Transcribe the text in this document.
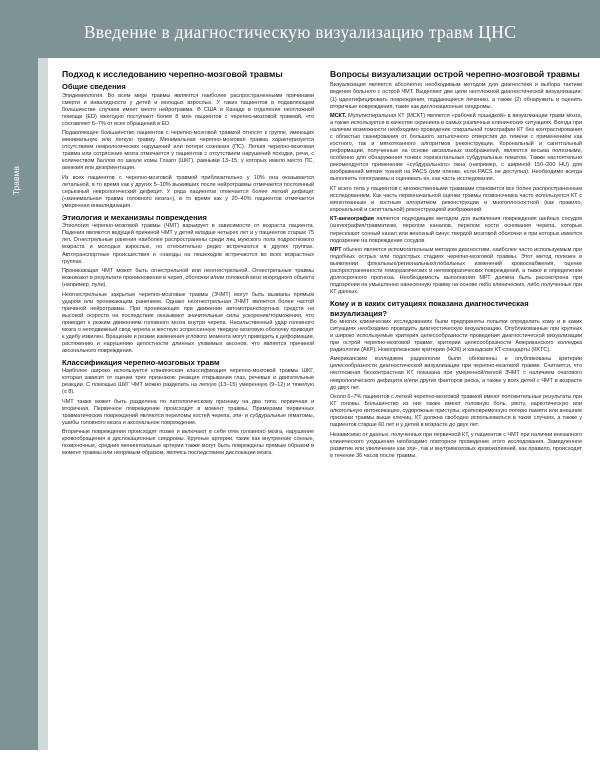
Введение в диагностическую визуализацию травм ЦНС
Травма
134
Подход к исследованию черепно-мозговой травмы
Общие сведения

Эпидемиология. Во всем мире травмы являются наиболее распространенными причинами смерти и инвалидности у детей и молодых взрослых. У таких пациентов в подавляющем большинстве случаев имеет место нейротравма. В США и Канаде в отделения неотложной помощи (ED) ежегодно поступают более 8 млн пациентов с черепно-мозговой травмой, что составляет 6–7% от всех обращений в ED.

Подавляющее большинство пациентов с черепно-мозговой травмой относят к группе, имеющих минимальную или легкую травму. Минимальная черепно-мозговая травма характеризуется отсутствием неврологических нарушений или потери сознания (ПС). Легкая черепно-мозговая травма или сотрясение мозга отмечается у пациентов с отсутствием нарушений походки, речи, с количеством баллов по шкале комы Глазго (ШКГ), равными 13–15, у которых имело место ПС, амнезия или дезориентация.

Из всех пациентов с черепно-мозговой травмой приблизительно у 10% она оказывается летальной, в то время как у других 5–10% выживших после нейротравмы отмечается постоянный серьезный неврологический дефицит. У ряда пациентов отмечается более легкий дефицит («минимальная травма головного мозга»), в то время как у 20–40% пациентов отмечается умеренная инвалидизация.

Этиология и механизмы повреждения

Этиология черепно-мозговой травмы (ЧМТ) варьирует в зависимости от возраста пациента. Падения являются ведущей причиной ЧМТ у детей младше четырех лет и у пациентов старше 75 лет. Огнестрельные ранения наиболее распространены среди лиц мужского пола подросткового возраста и молодых взрослых, но относительно редко встречаются в других группах. Автотранспортные происшествия и «наезды на пешеходов встречаются во всех возрастных группах.

Проникающая ЧМТ может быть огнестрельной или неогнестрельной. Огнестрельные травмы возникают в результате проникновения в череп, оболочки и/или головной мозг инородного объекта (например, пули).

Неогнестрельные закрытые черепно-мозговые травмы (ЗЧМТ) могут быть вызваны прямым ударом или проникающим ранением. Однако неогнестрельная ЗЧМТ является более частой причиной нейротравмы. При проникающих при движении автомотранспортных средств на высокой скорости на последствие оказывают значительные силы ускорения/торможения, что приводит к резким движениям головного мозга внутри черепа. Насильственный удар головного мозга о неподвижный свод черепа и жесткую эспрессинную твердую мозговую оболочку приводит к удибу извилин. Вращение и резкие изменения углового момента могут приводить к деформации, растяжению и нарушению целостности длинных уязвимых аксонов, что является причиной аксонального повреждения.

Классификация черепно-мозговых травм

Наиболее широко используется клиническая классификация черепно-мозговой травмы ШКГ, которая зависит от оценки трех признаков: реакция открывания глаз, речевые и двигательные реакции. С помощью ШКГ ЧМТ можно разделить на легкую (13–15) умеренную (9–12) и тяжелую (≤ 8).

ЧМТ также может быть разделена по патологическому признаку на два типа: первичная и вторичная. Первичное повреждение происходит в момент травмы. Примерами первичных травматических повреждений являются переломы костей черепа, эпи- и субдуральные гематомы, ушибы головного мозга и аксональное повреждение.

Вторичные повреждения происходят позже и включают в себя отек головного мозга, нарушение кровообращения и дислокационные синдромы. Крупные артерии, такие как внутренние сонные, позвоночные, средние менингеальные артерии также могут быть повреждены прямым образом в момент травмы или непрямым образом, являясь последствием дислокации мозга.

Вопросы визуализации острой черепно-мозговой травмы

Визуализация является абсолютно необходимым методом для диагностики и выбора тактики ведения больного с острой ЧМТ. Выделяют две цели неотложной диагностической визуализации: (1) идентифицировать повреждения, поддающиеся лечению, а также (2) обнаружить и оценить вторичные повреждения, такие как дислокационные синдромы.

МСКТ. Мультиспиральная КТ (МСКТ) является «рабочей лошадкой» в визуализации травм мозга, а также используется в качестве скрининга в самых различных клинических ситуациях. Всегда при наличии возможности необходимо проведение спиральной томографии КТ без контрастирования с областью сканирования от большого затылочного отверстия до темени с применением как костного, так и мягкотканного алгоритмов реконструкции. Корональный и сагиттальный реформации, полученные на основе аксиальных изображений, являются весьма полезными, особенно для обнаружения тонких горизонтальных субдуральных гематом. Также настоятельно рекомендуется применение «субдурального» окна (например, с шириной 150–200 HU) для изображений мягких тканей на PACS (или пленке, если PACS не доступна). Необходимо всегда выполнять топограммы и оценивать их, как часть исследования.

КТ всего тела у пациентов с множественными травмами становится все более распространенным исследованием. Как часть первоначальной оценки травмы позвоночника часто используется КТ с мягкотканным и костным алгоритмом реконструкции и многоплоскостной (как правило, корональной и сагиттальной) реконструкцией изображений.

КТ-ангиография является подходящим методом для выявления повреждения шейных сосудов (ангиография/травматизм, перелом каналов, перелом кости основания черепа, которые пересекают сонный канал или венозный синус твердой мозговой оболочки и при которых имеется подозрение на повреждение сосудов.

МРТ обычно является вспомогательным методом диагностики, наиболее часто используемым при подобных острых или подострых стадиях черепно-мозговой травмы. Этот метод полезен в выявлении фокальных/региональных/глобальных изменений кровоснабжения, оценке распространенности геморрагических и негеморрагических повреждений, а также в определении долгосрочного прогноза. Необходимость выполнения МРТ должна быть рассмотрена при подозрении на умышленно нанесенную травму на основе либо клинических, либо полученных при КТ данных.

Кому и в каких ситуациях показана диагностическая визуализация?

Во многих клинических исследованиях были предприняты попытки определить кому и в каких ситуациях необходимо проводить диагностическую визуализацию. Опубликованные при крупных и широко используемые критерия целесообразности проведения диагностической визуализации при острой черепно-мозговой травме: критерии целесообразности Американского колледжа радиологии (АКР), Новоорлеанские критерии (НОК) и канадские КТ-стандарты (КKTC).

Американским колледжем радиологии были обновлены и опубликованы критерии целесообразности диагностической визуализации при черепно-мозговой травме. Считается, что неотложная бесконтрастная КТ показана при умеренной/легкой ЗЧМТ с наличием очагового неврологического дефицита и/или других факторов риска, а также у всех детей с ЧМТ в возрасте до двух лет.

Около 6–7% пациентов с легкой черепно-мозговой травмой имеют положительные результаты при КТ головы. Большинство из них также имеют головную боль, рвоту, наркотическую или алкогольную интоксикацию, судорожные приступы, кратковременную потерю памяти или внешние признаки травмы выше ключиц. КТ должна свободно использоваться в таких случаях, а также у пациентов старше 60 лет и у детей в возрасте до двух лет.

Независимо от данных, полученных при первичной КТ, у пациентов с ЧМТ при наличии внезапного клинического ухудшения необходимо повторное проведение этого исследования. Замедленное развитие или увеличение как эпи-, так и внутримозговых кровоизлияний, как правило, происходит в течение 36 часов после травмы.
